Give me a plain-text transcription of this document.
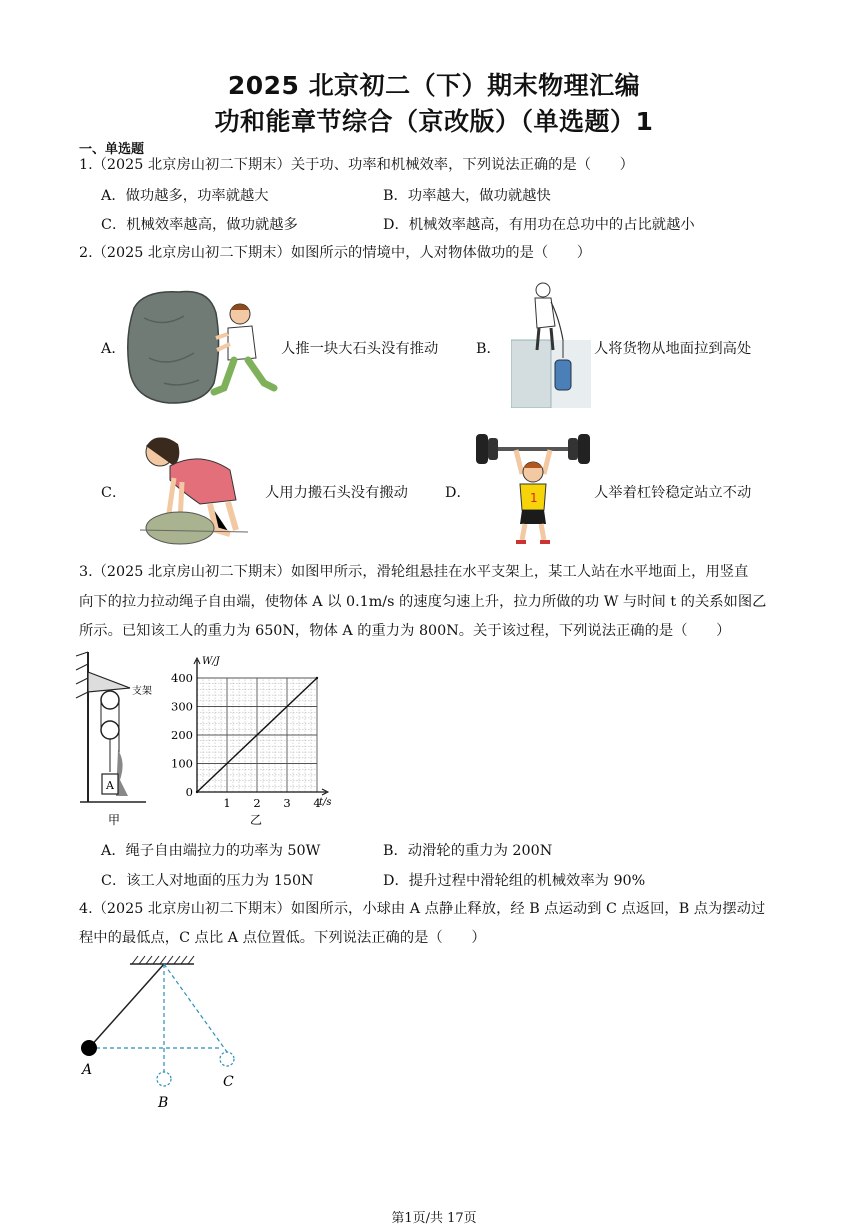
2025 北京初二（下）期末物理汇编
功和能章节综合（京改版）（单选题）1
一、单选题
1.（2025 北京房山初二下期末）关于功、功率和机械效率，下列说法正确的是（　　）
A．做功越多，功率就越大	B．功率越大，做功就越快
C．机械效率越高，做功就越多	D．机械效率越高，有用功在总功中的占比就越小
2.（2025 北京房山初二下期末）如图所示的情境中，人对物体做功的是（　　）
A．	人推一块大石头没有推动	B．	人将货物从地面拉到高处
C．	人用力搬石头没有搬动	D．	1	人举着杠铃稳定站立不动
3.（2025 北京房山初二下期末）如图甲所示，滑轮组悬挂在水平支架上，某工人站在水平地面上，用竖直
向下的拉力拉动绳子自由端，使物体 A 以 0.1m/s 的速度匀速上升，拉力所做的功 W 与时间 t 的关系如图乙
所示。已知该工人的重力为 650N，物体 A 的重力为 800N。关于该过程，下列说法正确的是（　　）
A
支架
甲
0
100
200
300
400
1 2 3 4
W/J
t/s
乙
A．绳子自由端拉力的功率为 50W	B．动滑轮的重力为 200N
C．该工人对地面的压力为 150N	D．提升过程中滑轮组的机械效率为 90%
4.（2025 北京房山初二下期末）如图所示，小球由 A 点静止释放，经 B 点运动到 C 点返回，B 点为摆动过
程中的最低点，C 点比 A 点位置低。下列说法正确的是（　　）
A
B
C
第1页/共 17页
